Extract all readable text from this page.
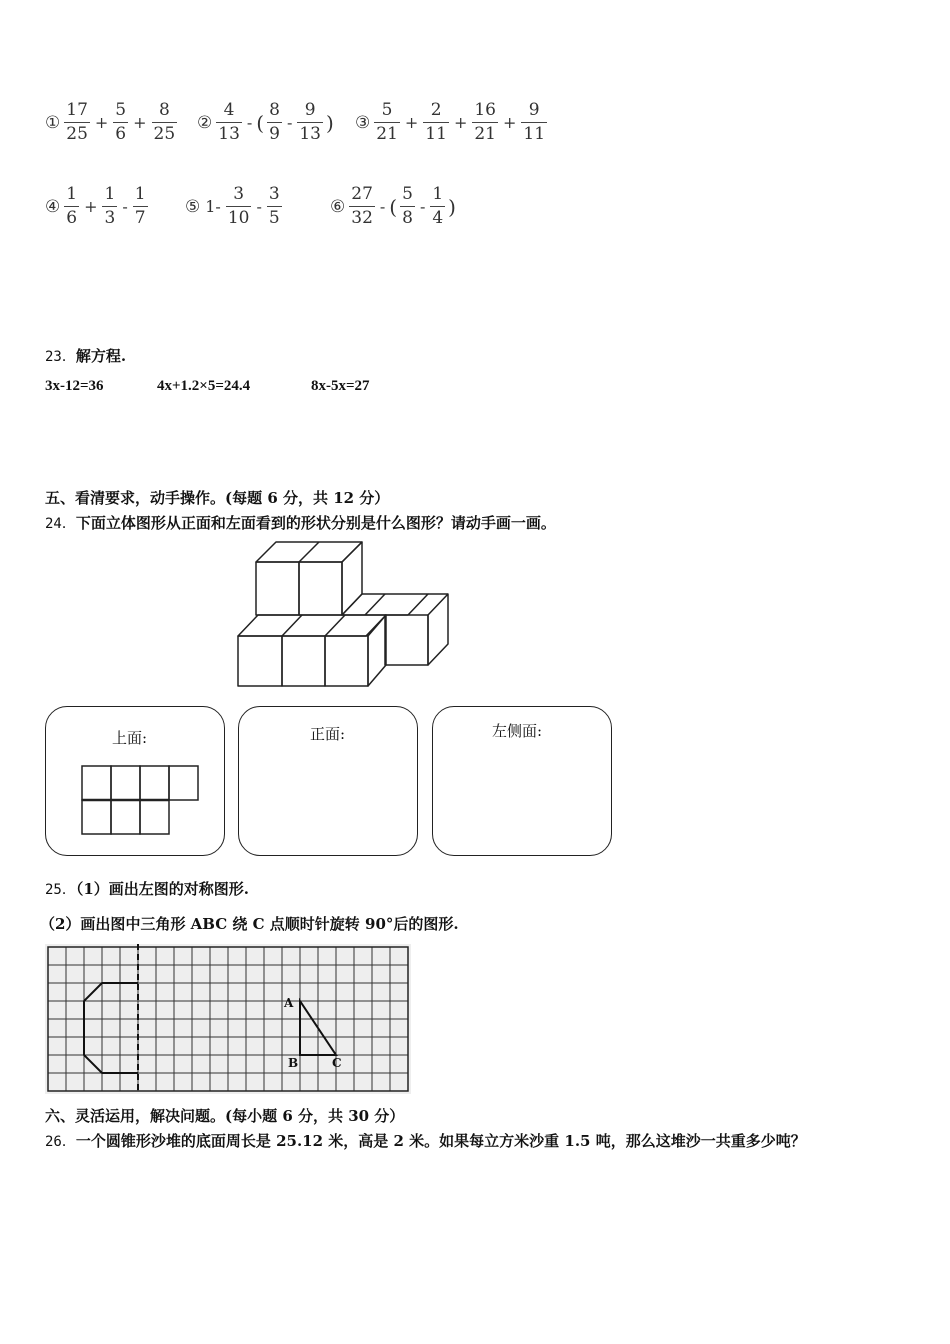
① $\frac{17}{25} + \frac{5}{6} + \frac{8}{25}$ ② $\frac{4}{13}$ - ( $\frac{8}{9} - \frac{9}{13}$ ) ③ $\frac{5}{21} + \frac{2}{11} + \frac{16}{21} + \frac{9}{11}$
④ $\frac{1}{6} + \frac{1}{3} - \frac{1}{7}$ ⑤ $1- \frac{3}{10} - \frac{3}{5}$	⑥ $\frac{27}{32}$ - ( $\frac{5}{8} - \frac{1}{4}$ )
23．解方程.
3x-12=36	4x+1.2×5=24.4	8x-5x=27
五、看清要求，动手操作。(每题 6 分，共 12 分）
24．下面立体图形从正面和左面看到的形状分别是什么图形？请动手画一画。
上面:	正面:	左侧面:
25．（1）画出左图的对称图形.
（2）画出图中三角形 ABC 绕 C 点顺时针旋转 90°后的图形.
A
B	C
六、灵活运用，解决问题。(每小题 6 分，共 30 分）
26．一个圆锥形沙堆的底面周长是 25.12 米，高是 2 米。如果每立方米沙重 1.5 吨，那么这堆沙一共重多少吨？
